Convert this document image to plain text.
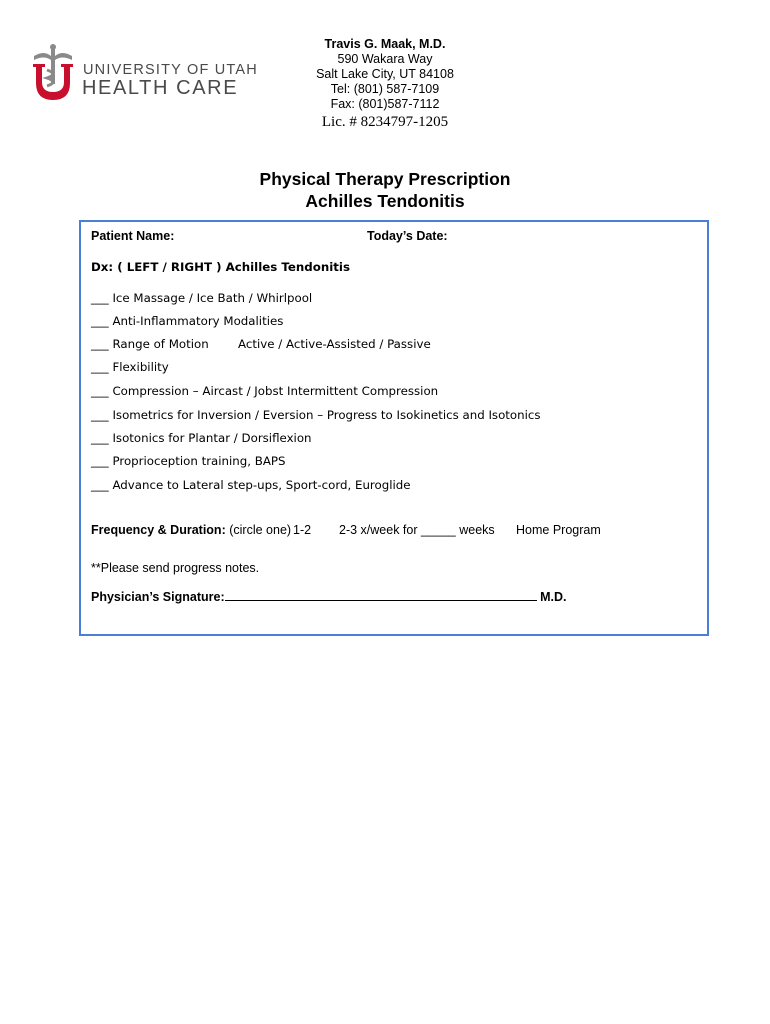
UNIVERSITY OF UTAH
HEALTH CARE
Travis G. Maak, M.D.
590 Wakara Way
Salt Lake City, UT 84108
Tel: (801) 587-7109
Fax: (801)587-7112
Lic. # 8234797-1205
Physical Therapy Prescription
Achilles Tendonitis
Patient Name:	Today’s Date:
Dx: ( LEFT / RIGHT ) Achilles Tendonitis
___ Ice Massage / Ice Bath / Whirlpool
___ Anti-Inflammatory Modalities
___ Range of Motion Active / Active-Assisted / Passive
___ Flexibility
___ Compression – Aircast / Jobst Intermittent Compression
___ Isometrics for Inversion / Eversion – Progress to Isokinetics and Isotonics
___ Isotonics for Plantar / Dorsiflexion
___ Proprioception training, BAPS
___ Advance to Lateral step-ups, Sport-cord, Euroglide
Frequency & Duration: (circle one) 1-2 2-3 x/week for _____ weeks Home Program
**Please send progress notes.
Physician’s Signature:	M.D.
